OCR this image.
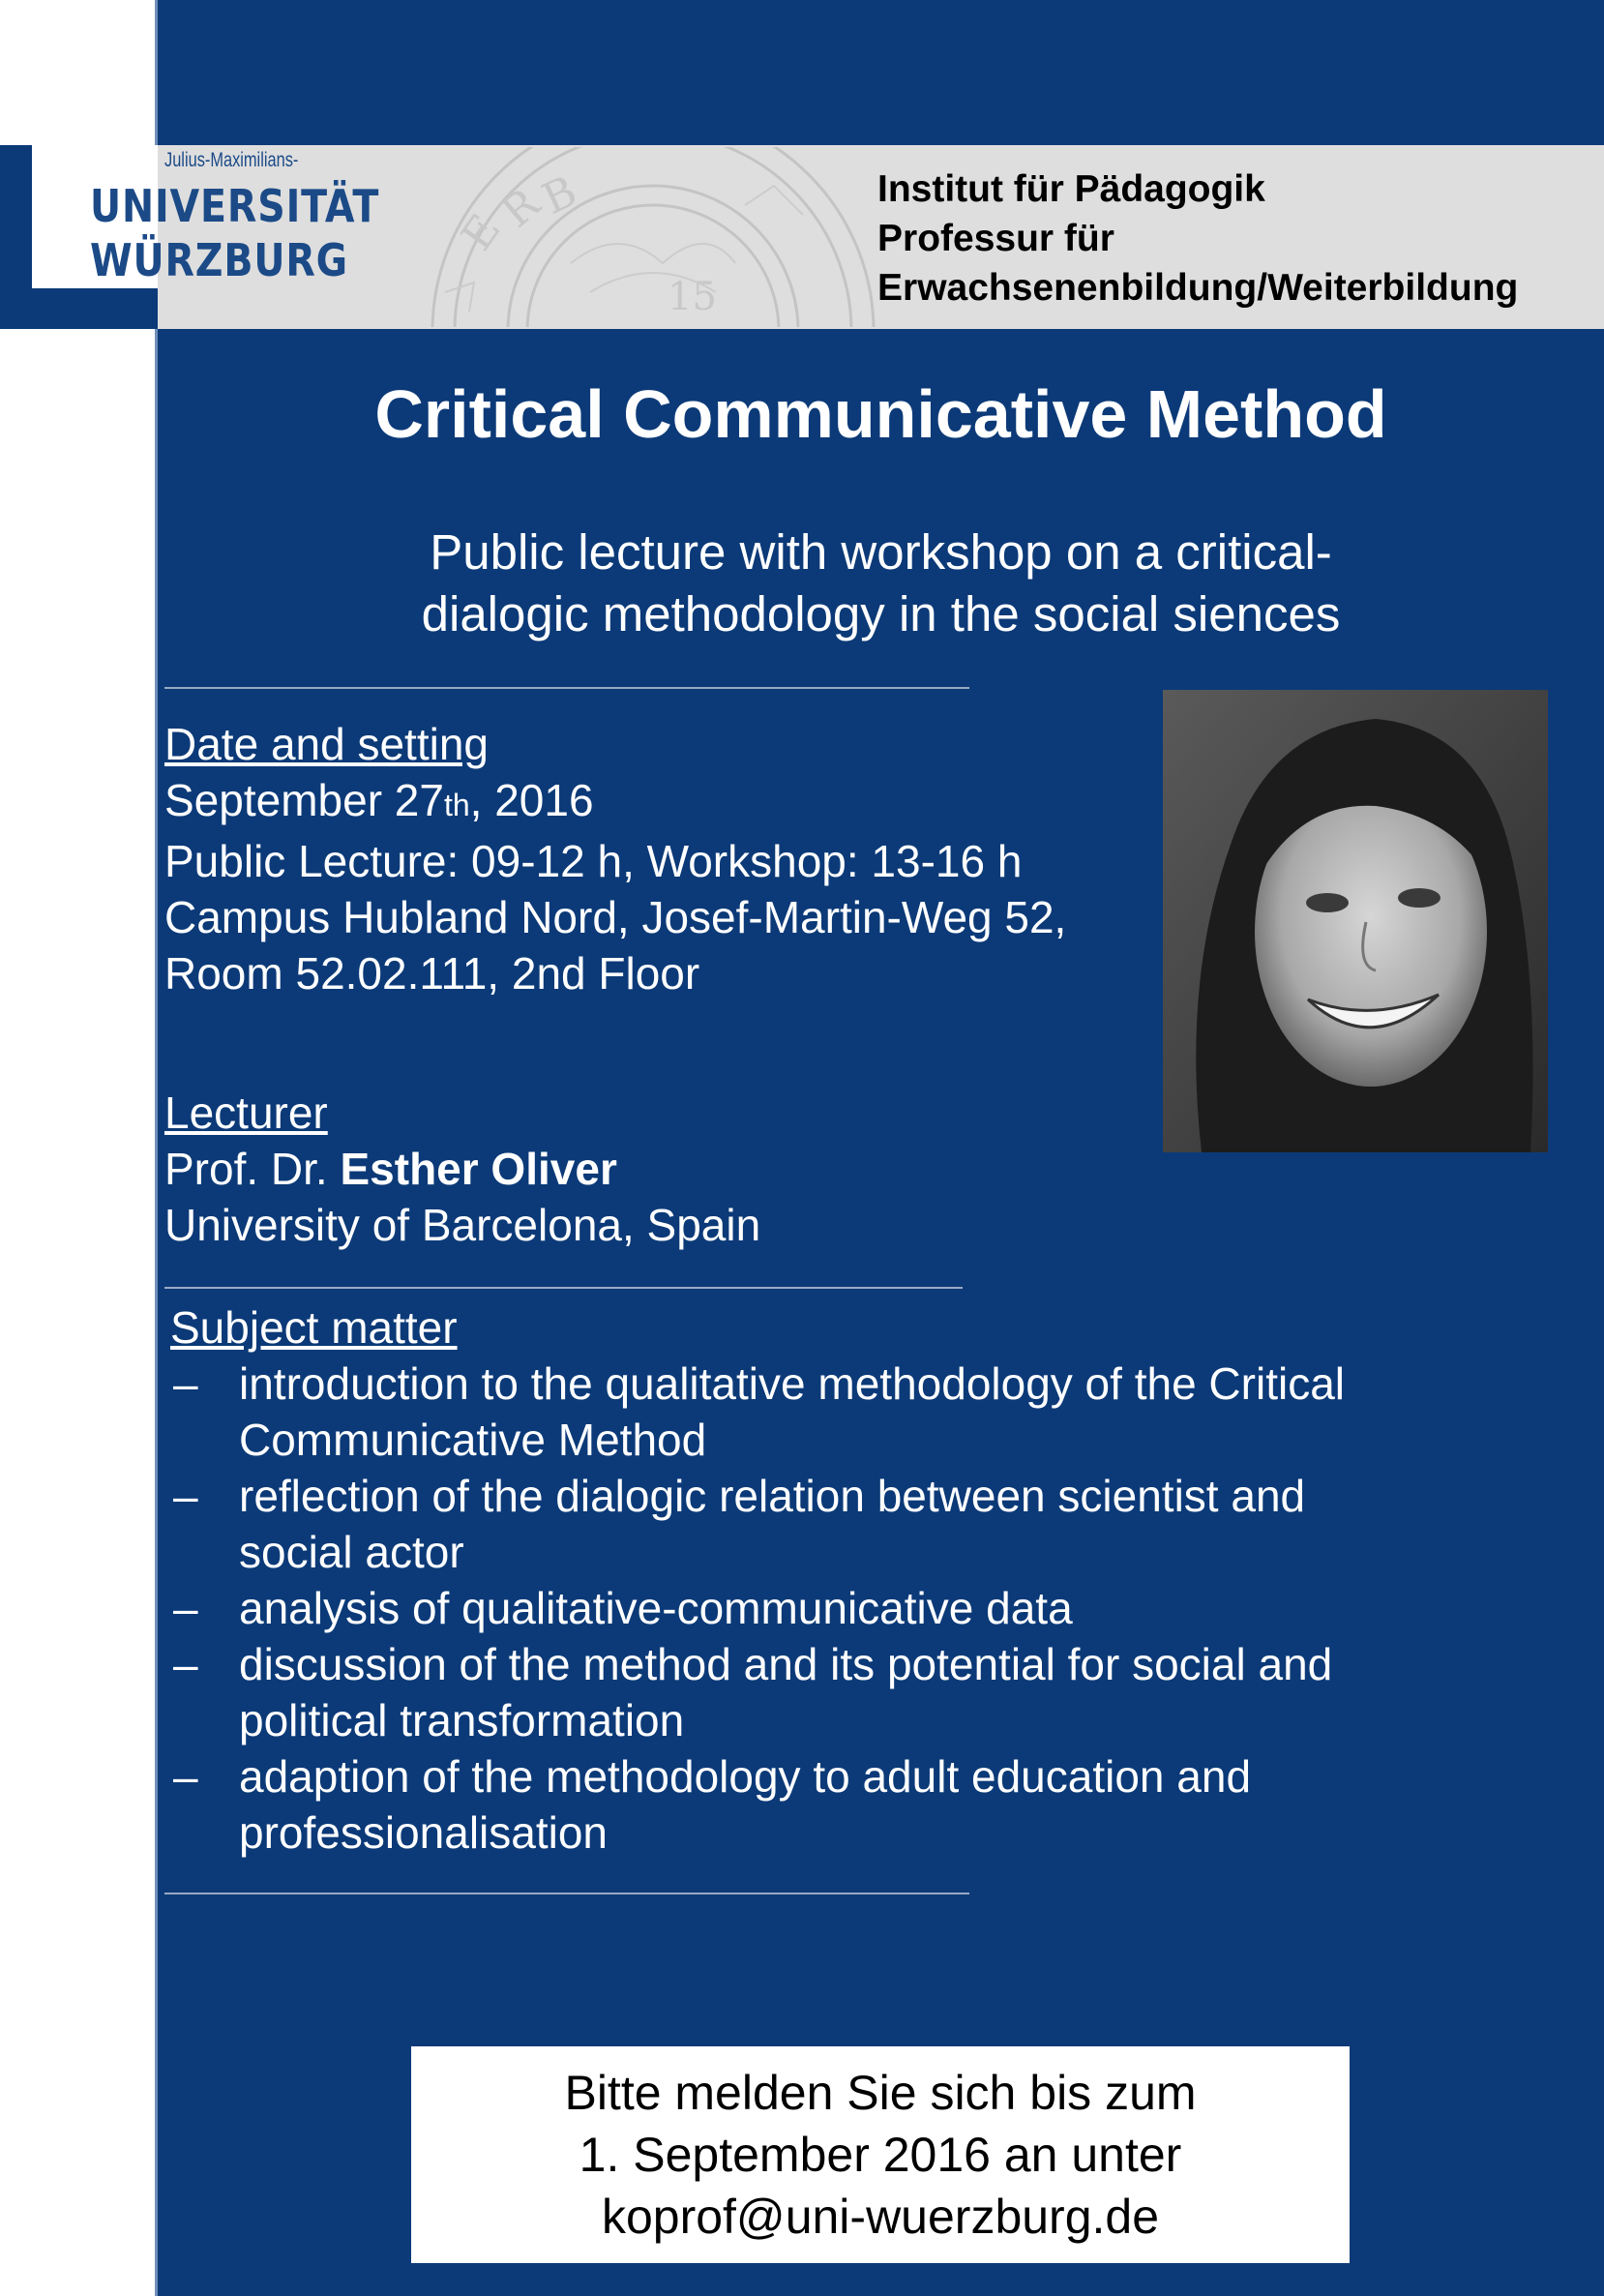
Julius-Maximilians-
UNIVERSITÄT
WÜRZBURG
E
R
B
15
Institut für Pädagogik
Professur für
Erwachsenenbildung/Weiterbildung
Critical Communicative Method
Public lecture with workshop on a critical-
dialogic methodology in the social siences
Date and setting
September 27th, 2016
Public Lecture: 09-12 h, Workshop: 13-16 h
Campus Hubland Nord, Josef-Martin-Weg 52,
Room 52.02.111, 2nd Floor
Lecturer
Prof. Dr. Esther Oliver
University of Barcelona, Spain
Subject matter
– introduction to the qualitative methodology of the Critical
Communicative Method
– reflection of the dialogic relation between scientist and
social actor
– analysis of qualitative-communicative data
– discussion of the method and its potential for social and
political transformation
– adaption of the methodology to adult education and
professionalisation
Bitte melden Sie sich bis zum
1. September 2016 an unter
koprof@uni-wuerzburg.de
